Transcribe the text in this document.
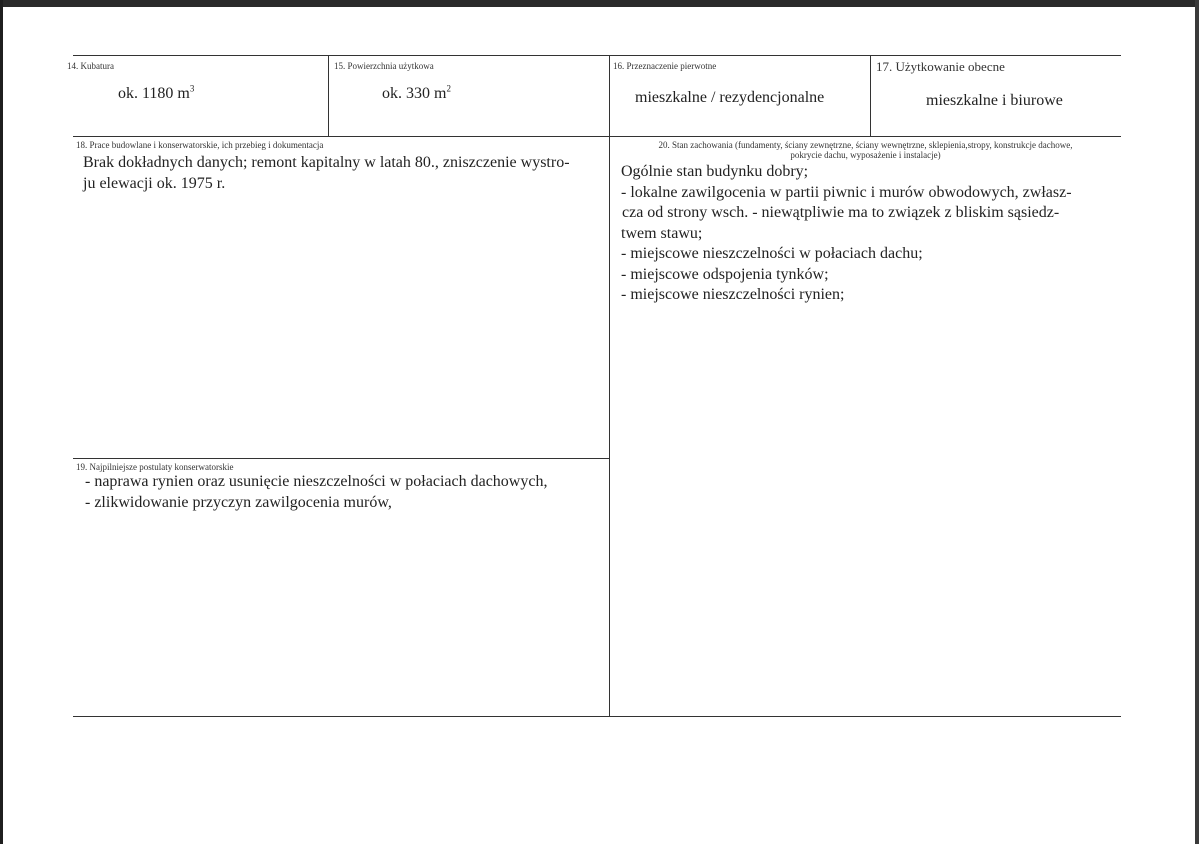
14. Kubatura
ok. 1180 $m^3$
15. Powierzchnia użytkowa
ok. 330 $m^2$
16. Przeznaczenie pierwotne
mieszkalne / rezydencjonalne
17. Użytkowanie obecne
mieszkalne i biurowe
18. Prace budowlane i konserwatorskie, ich przebieg i dokumentacja
Brak dokładnych danych; remont kapitalny w latah 80., zniszczenie wystro-
ju elewacji ok. 1975 r.
20. Stan zachowania (fundamenty, ściany zewnętrzne, ściany wewnętrzne, sklepienia,stropy, konstrukcje dachowe,
pokrycie dachu, wyposażenie i instalacje)
Ogólnie stan budynku dobry;
- lokalne zawilgocenia w partii piwnic i murów obwodowych, zwłasz-
cza od strony wsch. - niewątpliwie ma to związek z bliskim sąsiedz-
twem stawu;
- miejscowe nieszczelności w połaciach dachu;
- miejscowe odspojenia tynków;
- miejscowe nieszczelności rynien;
19. Najpilniejsze postulaty konserwatorskie
- naprawa rynien oraz usunięcie nieszczelności w połaciach dachowych,
- zlikwidowanie przyczyn zawilgocenia murów,
